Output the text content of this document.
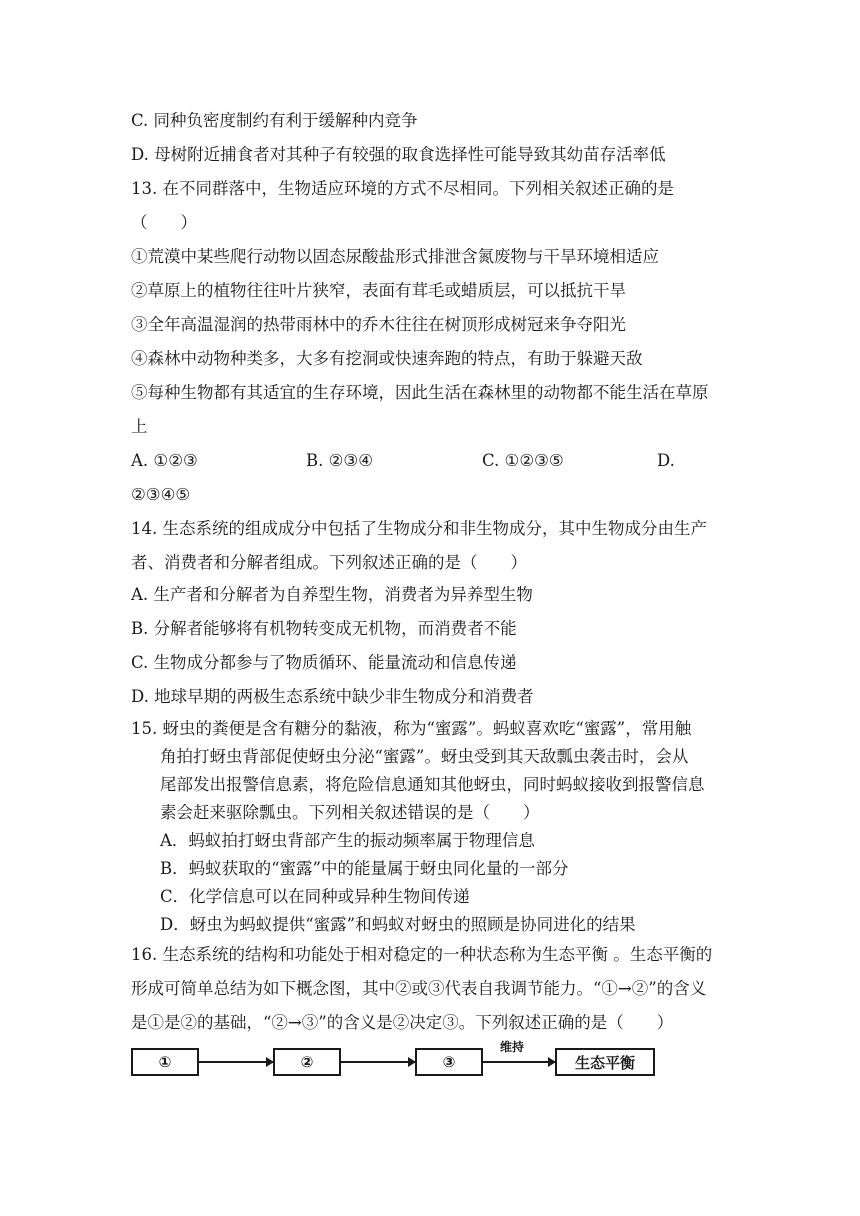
C. 同种负密度制约有利于缓解种内竞争
D. 母树附近捕食者对其种子有较强的取食选择性可能导致其幼苗存活率低
13. 在不同群落中，生物适应环境的方式不尽相同。下列相关叙述正确的是
（　　）
①荒漠中某些爬行动物以固态尿酸盐形式排泄含氮废物与干旱环境相适应
②草原上的植物往往叶片狭窄，表面有茸毛或蜡质层，可以抵抗干旱
③全年高温湿润的热带雨林中的乔木往往在树顶形成树冠来争夺阳光
④森林中动物种类多，大多有挖洞或快速奔跑的特点，有助于躲避天敌
⑤每种生物都有其适宜的生存环境，因此生活在森林里的动物都不能生活在草原
上
A. ①②③	B. ②③④	C. ①②③⑤	D.
②③④⑤
14. 生态系统的组成成分中包括了生物成分和非生物成分，其中生物成分由生产
者、消费者和分解者组成。下列叙述正确的是（　　）
A. 生产者和分解者为自养型生物，消费者为异养型生物
B. 分解者能够将有机物转变成无机物，而消费者不能
C. 生物成分都参与了物质循环、能量流动和信息传递
D. 地球早期的两极生态系统中缺少非生物成分和消费者
15. 蚜虫的粪便是含有糖分的黏液，称为“蜜露”。蚂蚁喜欢吃“蜜露”，常用触
角拍打蚜虫背部促使蚜虫分泌“蜜露”。蚜虫受到其天敌瓢虫袭击时，会从
尾部发出报警信息素，将危险信息通知其他蚜虫，同时蚂蚁接收到报警信息
素会赶来驱除瓢虫。下列相关叙述错误的是（　　）
A．蚂蚁拍打蚜虫背部产生的振动频率属于物理信息
B．蚂蚁获取的“蜜露”中的能量属于蚜虫同化量的一部分
C．化学信息可以在同种或异种生物间传递
D．蚜虫为蚂蚁提供“蜜露”和蚂蚁对蚜虫的照顾是协同进化的结果
16. 生态系统的结构和功能处于相对稳定的一种状态称为生态平衡 。生态平衡的
形成可简单总结为如下概念图，其中②或③代表自我调节能力。“①→②”的含义
是①是②的基础，“②→③”的含义是②决定③。下列叙述正确的是（　　）
①	②	③
维持
生态平衡
